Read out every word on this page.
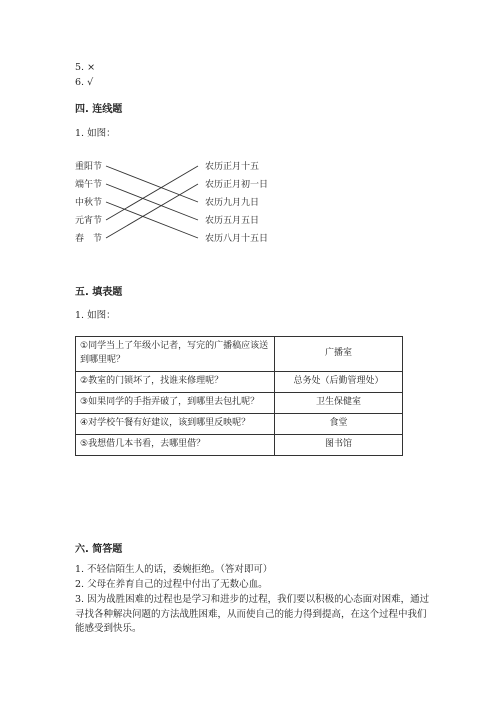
5. ×
6. √
四. 连线题
1. 如图：
重阳节
端午节
中秋节
元宵节
春　节
农历正月十五
农历正月初一日
农历九月九日
农历五月五日
农历八月十五日
五. 填表题
1. 如图：
①同学当上了年级小记者，写完的广播稿应该送到哪里呢？	广播室
②教室的门锁坏了，找谁来修理呢？	总务处（后勤管理处）
③如果同学的手指弄破了，到哪里去包扎呢？	卫生保健室
④对学校午餐有好建议，该到哪里反映呢？	食堂
⑤我想借几本书看，去哪里借？	图书馆
六. 简答题
1. 不轻信陌生人的话，委婉拒绝。（答对即可）
2. 父母在养育自己的过程中付出了无数心血。
3. 因为战胜困难的过程也是学习和进步的过程，我们要以积极的心态面对困难，通过寻找各种解决问题的方法战胜困难，从而使自己的能力得到提高，在这个过程中我们能感受到快乐。
